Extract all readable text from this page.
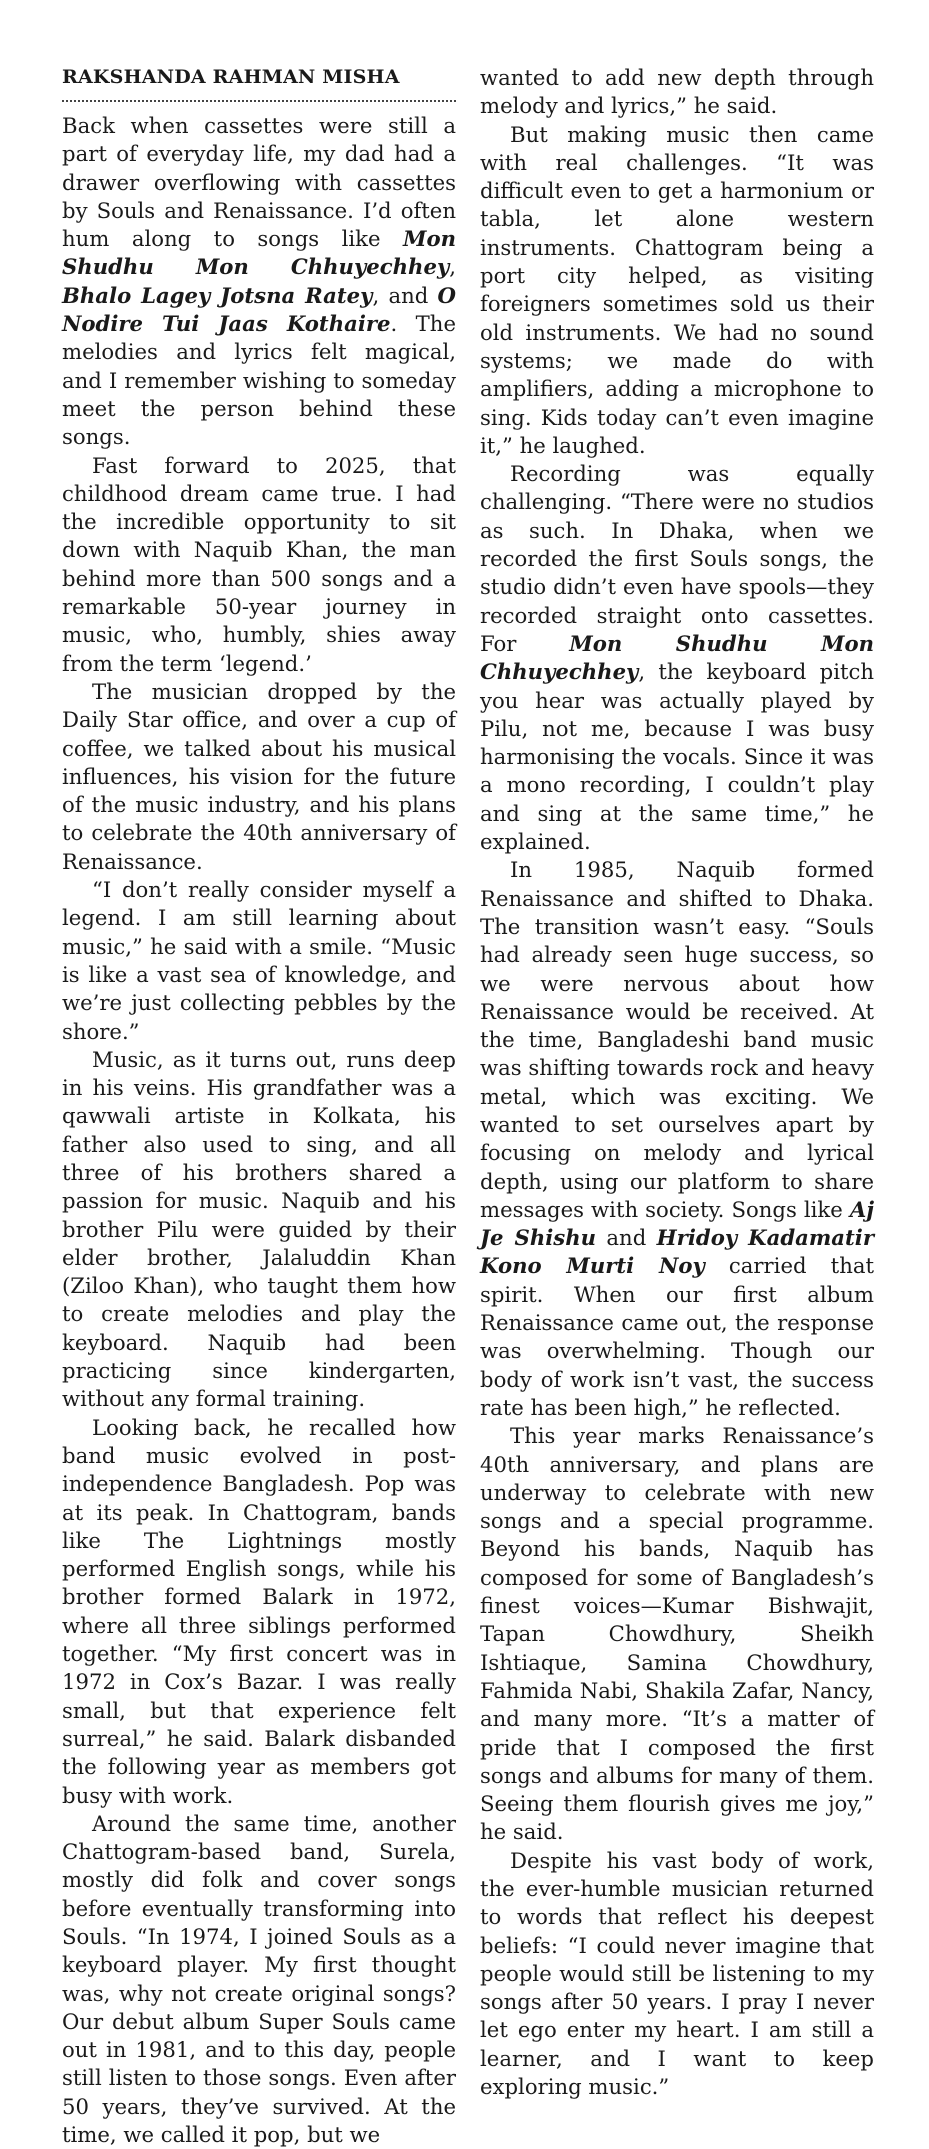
RAKSHANDA RAHMAN MISHA

Back when cassettes were still a part of everyday life, my dad had a drawer overflowing with cassettes by Souls and Renaissance. I’d often hum along to songs like Mon Shudhu Mon Chhuyechhey, Bhalo Lagey Jotsna Ratey, and O Nodire Tui Jaas Kothaire. The melodies and lyrics felt magical, and I remember wishing to someday meet the person behind these songs.

Fast forward to 2025, that childhood dream came true. I had the incredible opportunity to sit down with Naquib Khan, the man behind more than 500 songs and a remarkable 50-year journey in music, who, humbly, shies away from the term ‘legend.’

The musician dropped by the Daily Star office, and over a cup of coffee, we talked about his musical influences, his vision for the future of the music industry, and his plans to celebrate the 40th anniversary of Renaissance.

“I don’t really consider myself a legend. I am still learning about music,” he said with a smile. “Music is like a vast sea of knowledge, and we’re just collecting pebbles by the shore.”

Music, as it turns out, runs deep in his veins. His grandfather was a qawwali artiste in Kolkata, his father also used to sing, and all three of his brothers shared a passion for music. Naquib and his brother Pilu were guided by their elder brother, Jalaluddin Khan (Ziloo Khan), who taught them how to create melodies and play the keyboard. Naquib had been practicing since kindergarten, without any formal training.

Looking back, he recalled how band music evolved in post-independence Bangladesh. Pop was at its peak. In Chattogram, bands like The Lightnings mostly performed English songs, while his brother formed Balark in 1972, where all three siblings performed together. “My first concert was in 1972 in Cox’s Bazar. I was really small, but that experience felt surreal,” he said. Balark disbanded the following year as members got busy with work.

Around the same time, another Chattogram-based band, Surela, mostly did folk and cover songs before eventually transforming into Souls. “In 1974, I joined Souls as a keyboard player. My first thought was, why not create original songs? Our debut album Super Souls came out in 1981, and to this day, people still listen to those songs. Even after 50 years, they’ve survived. At the time, we called it pop, but we

wanted to add new depth through melody and lyrics,” he said.

But making music then came with real challenges. “It was difficult even to get a harmonium or tabla, let alone western instruments. Chattogram being a port city helped, as visiting foreigners sometimes sold us their old instruments. We had no sound systems; we made do with amplifiers, adding a microphone to sing. Kids today can’t even imagine it,” he laughed.

Recording was equally challenging. “There were no studios as such. In Dhaka, when we recorded the first Souls songs, the studio didn’t even have spools—they recorded straight onto cassettes. For Mon Shudhu Mon Chhuyechhey, the keyboard pitch you hear was actually played by Pilu, not me, because I was busy harmonising the vocals. Since it was a mono recording, I couldn’t play and sing at the same time,” he explained.

In 1985, Naquib formed Renaissance and shifted to Dhaka. The transition wasn’t easy. “Souls had already seen huge success, so we were nervous about how Renaissance would be received. At the time, Bangladeshi band music was shifting towards rock and heavy metal, which was exciting. We wanted to set ourselves apart by focusing on melody and lyrical depth, using our platform to share messages with society. Songs like Aj Je Shishu and Hridoy Kadamatir Kono Murti Noy carried that spirit. When our first album Renaissance came out, the response was overwhelming. Though our body of work isn’t vast, the success rate has been high,” he reflected.

This year marks Renaissance’s 40th anniversary, and plans are underway to celebrate with new songs and a special programme. Beyond his bands, Naquib has composed for some of Bangladesh’s finest voices—Kumar Bishwajit, Tapan Chowdhury, Sheikh Ishtiaque, Samina Chowdhury, Fahmida Nabi, Shakila Zafar, Nancy, and many more. “It’s a matter of pride that I composed the first songs and albums for many of them. Seeing them flourish gives me joy,” he said.

Despite his vast body of work, the ever-humble musician returned to words that reflect his deepest beliefs: “I could never imagine that people would still be listening to my songs after 50 years. I pray I never let ego enter my heart. I am still a learner, and I want to keep exploring music.”
